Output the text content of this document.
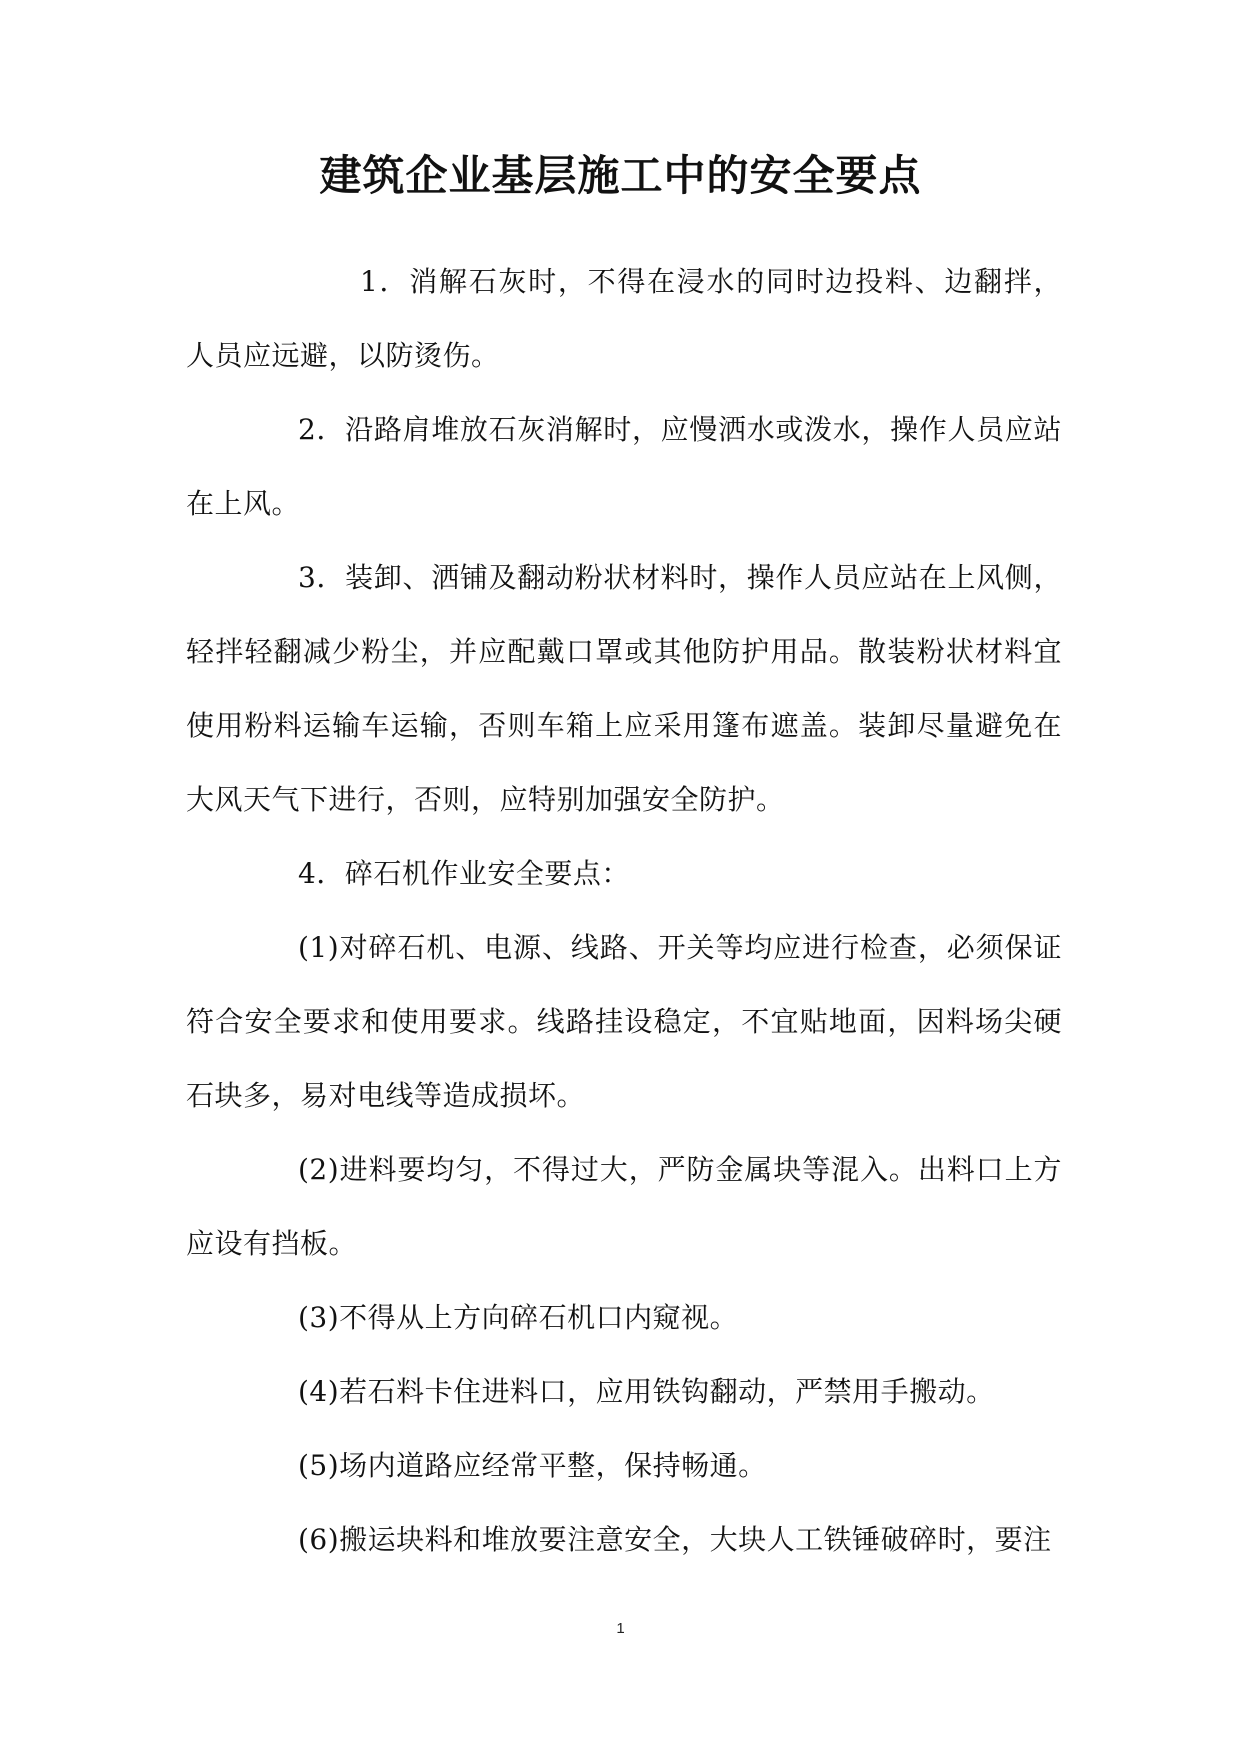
建筑企业基层施工中的安全要点

1．消解石灰时，不得在浸水的同时边投料、边翻拌，人员应远避，以防烫伤。

2．沿路肩堆放石灰消解时，应慢洒水或泼水，操作人员应站在上风。

3．装卸、洒铺及翻动粉状材料时，操作人员应站在上风侧，轻拌轻翻减少粉尘，并应配戴口罩或其他防护用品。散装粉状材料宜使用粉料运输车运输，否则车箱上应采用篷布遮盖。装卸尽量避免在大风天气下进行，否则，应特别加强安全防护。

4．碎石机作业安全要点：

(1)对碎石机、电源、线路、开关等均应进行检查，必须保证符合安全要求和使用要求。线路挂设稳定，不宜贴地面，因料场尖硬石块多，易对电线等造成损坏。

(2)进料要均匀，不得过大，严防金属块等混入。出料口上方应设有挡板。

(3)不得从上方向碎石机口内窥视。

(4)若石料卡住进料口，应用铁钩翻动，严禁用手搬动。

(5)场内道路应经常平整，保持畅通。

(6)搬运块料和堆放要注意安全，大块人工铁锤破碎时，要注

1
